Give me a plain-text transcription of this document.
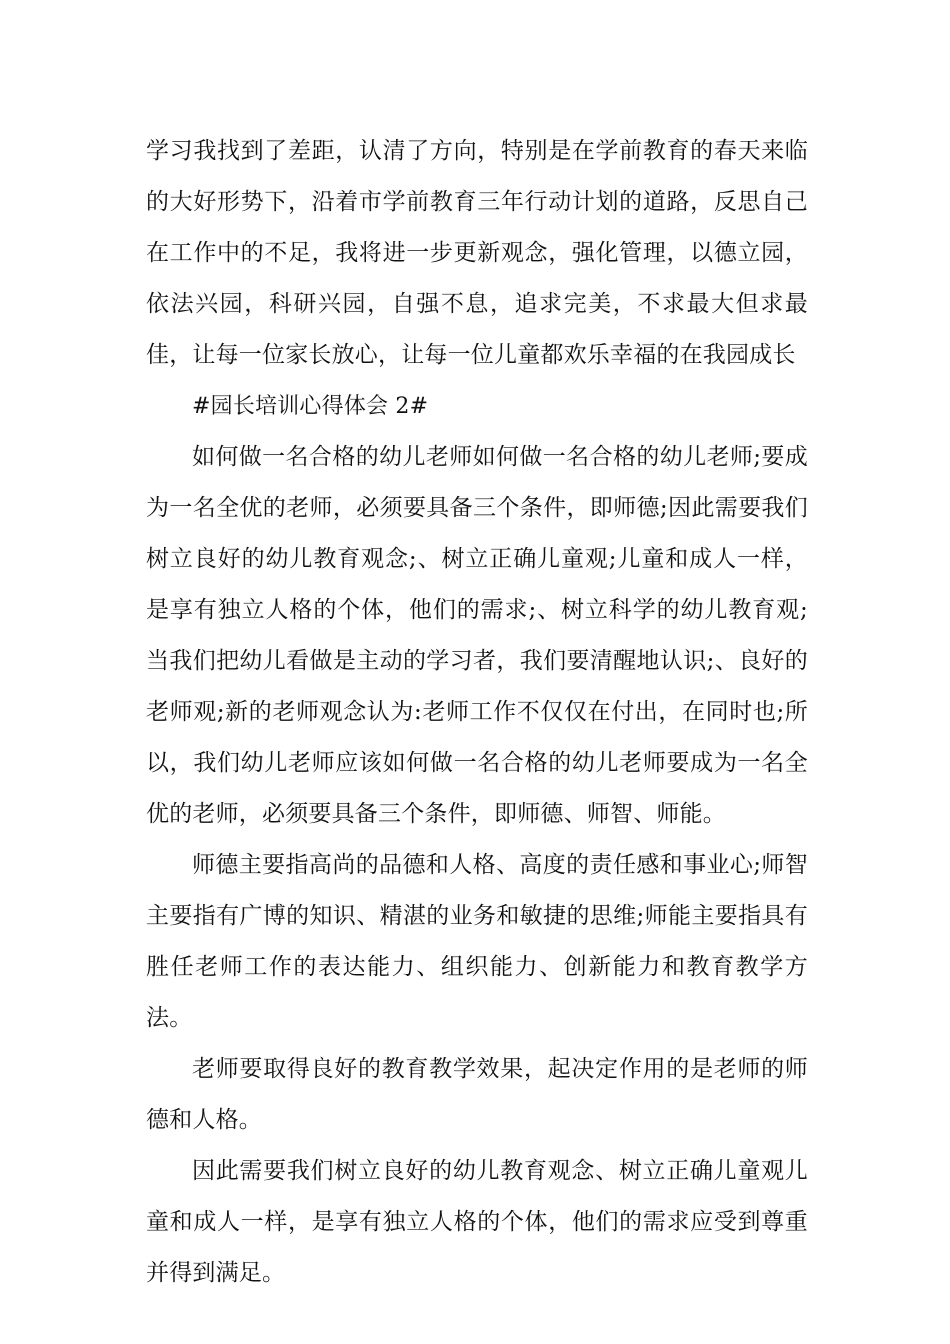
学习我找到了差距，认清了方向，特别是在学前教育的春天来临的大好形势下，沿着市学前教育三年行动计划的道路，反思自己在工作中的不足，我将进一步更新观念，强化管理，以德立园，依法兴园，科研兴园，自强不息，追求完美，不求最大但求最佳，让每一位家长放心，让每一位儿童都欢乐幸福的在我园成长

#园长培训心得体会 2#

如何做一名合格的幼儿老师如何做一名合格的幼儿老师;要成为一名全优的老师，必须要具备三个条件，即师德;因此需要我们树立良好的幼儿教育观念;、树立正确儿童观;儿童和成人一样，是享有独立人格的个体，他们的需求;、树立科学的幼儿教育观;当我们把幼儿看做是主动的学习者，我们要清醒地认识;、良好的老师观;新的老师观念认为:老师工作不仅仅在付出，在同时也;所以，我们幼儿老师应该如何做一名合格的幼儿老师要成为一名全优的老师，必须要具备三个条件，即师德、师智、师能。

师德主要指高尚的品德和人格、高度的责任感和事业心;师智主要指有广博的知识、精湛的业务和敏捷的思维;师能主要指具有胜任老师工作的表达能力、组织能力、创新能力和教育教学方法。

老师要取得良好的教育教学效果，起决定作用的是老师的师德和人格。

因此需要我们树立良好的幼儿教育观念、树立正确儿童观儿童和成人一样，是享有独立人格的个体，他们的需求应受到尊重并得到满足。
